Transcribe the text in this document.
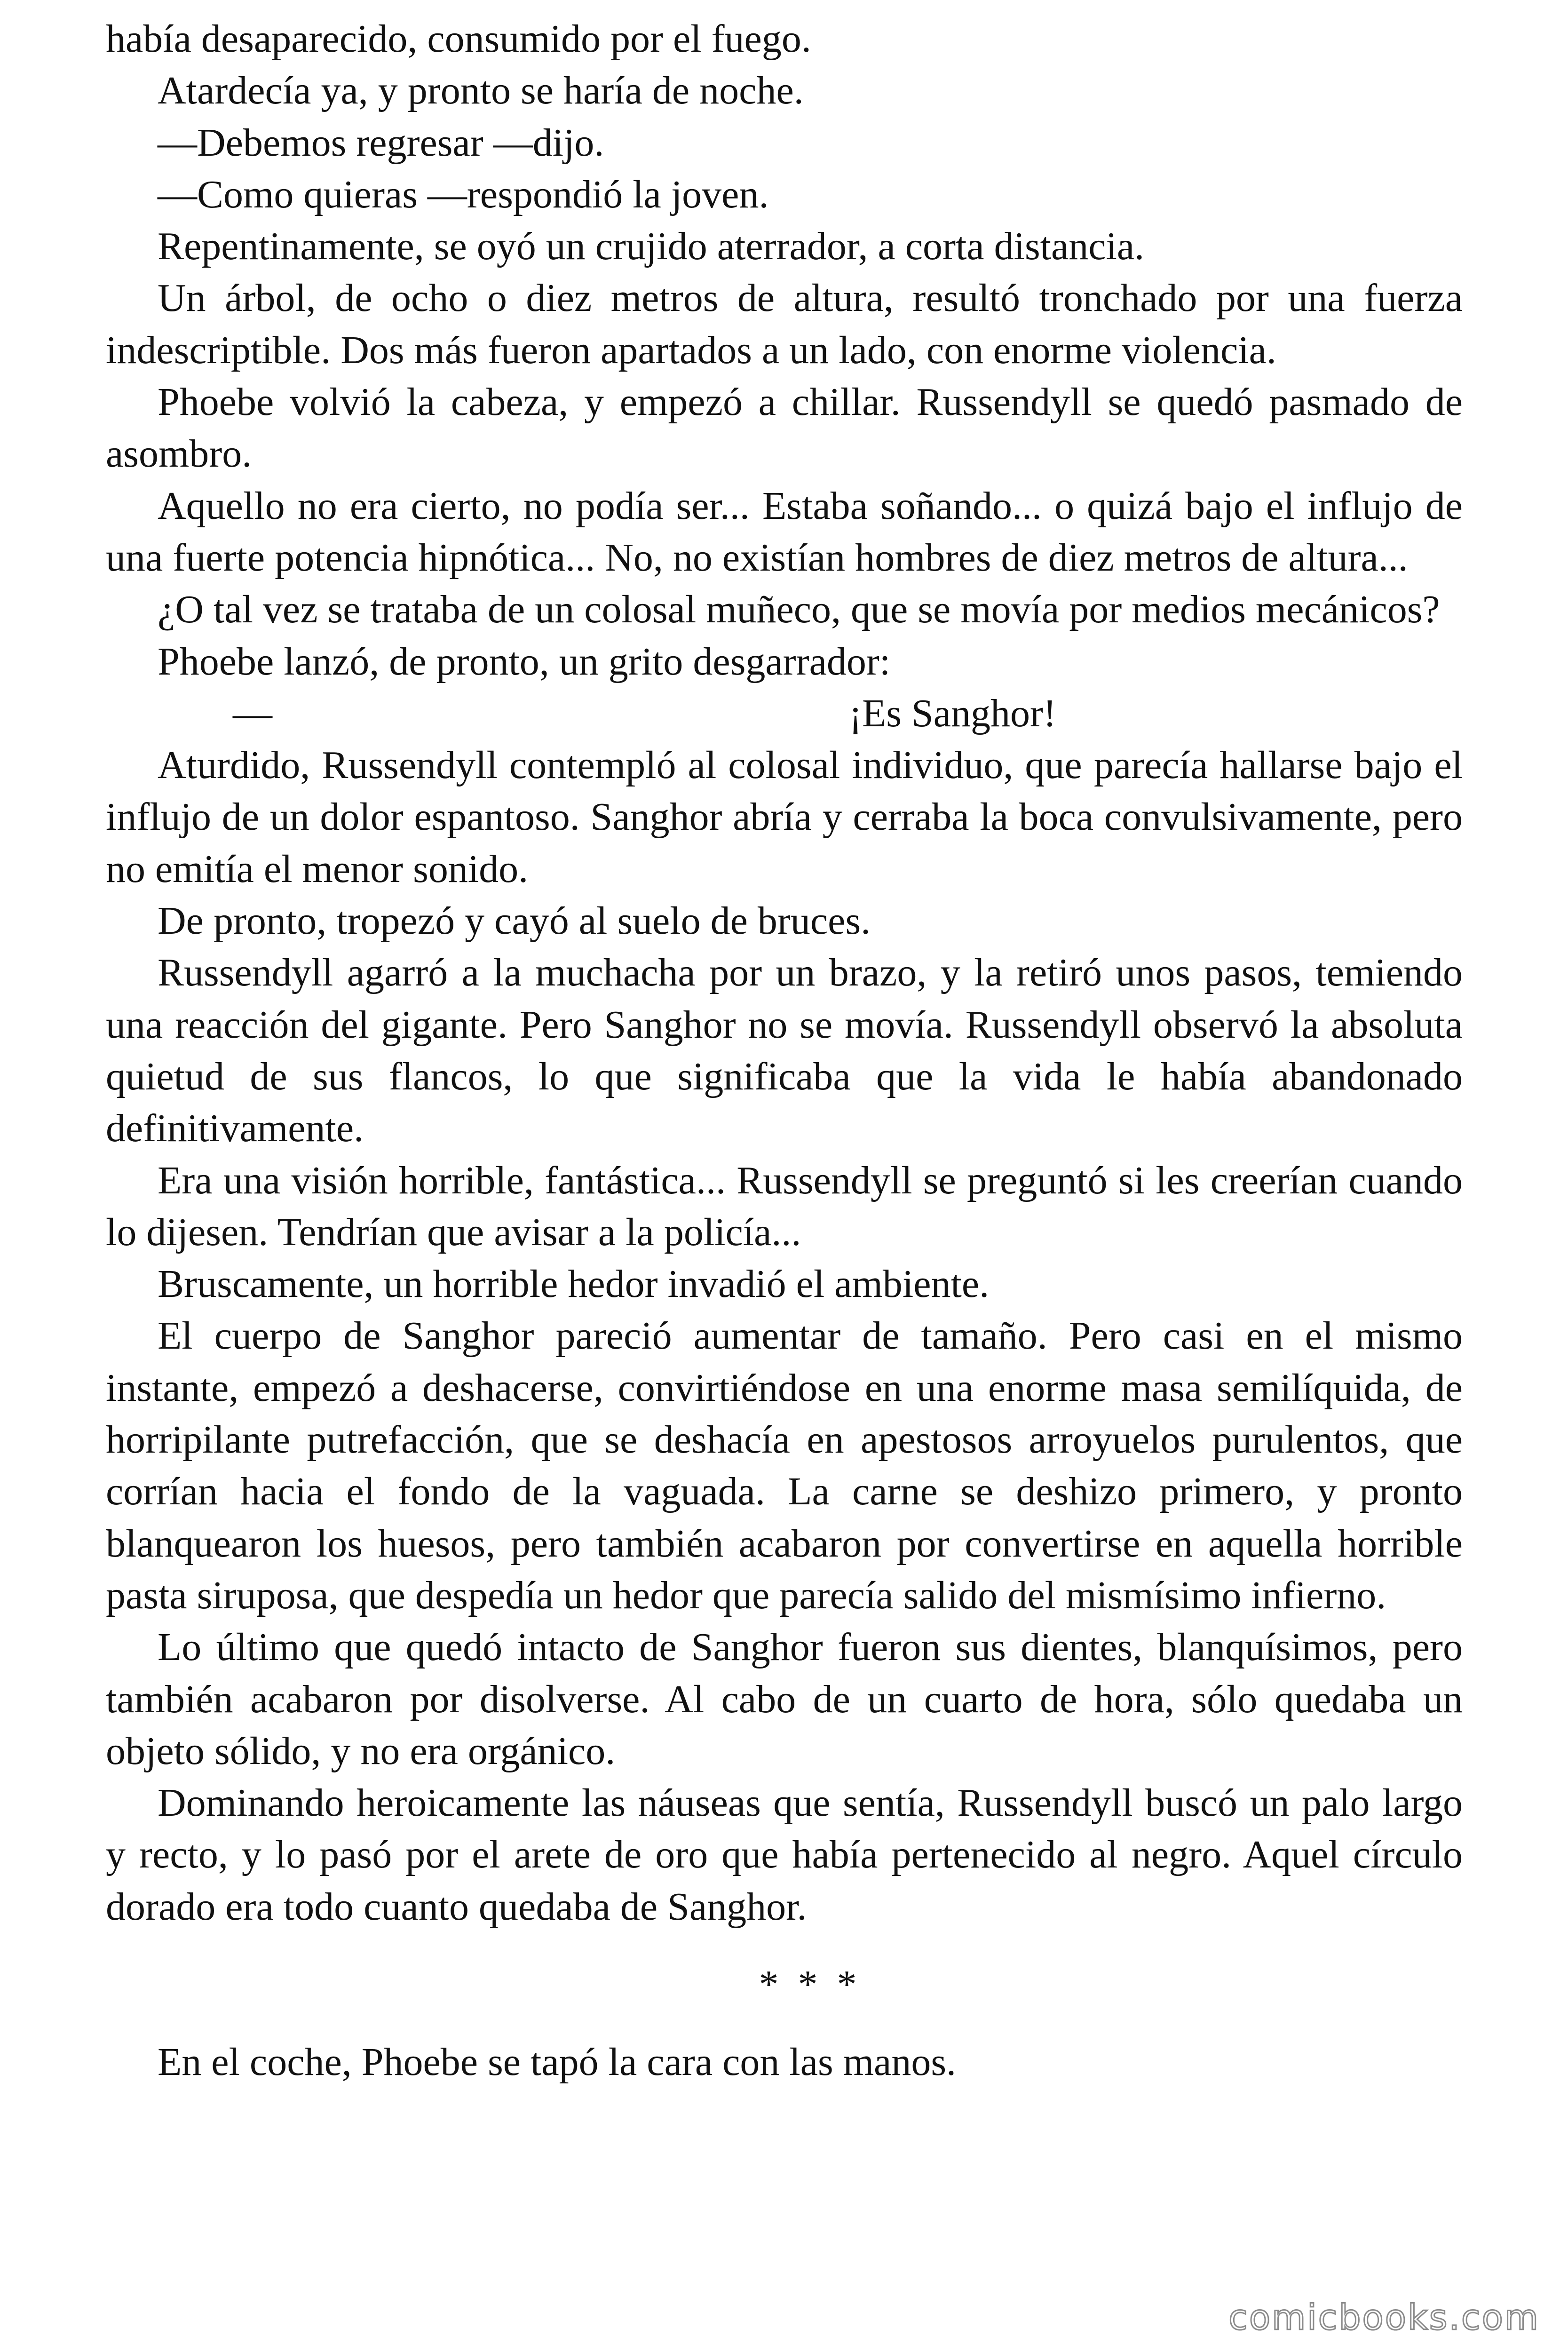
había desaparecido, consumido por el fuego.

Atardecía ya, y pronto se haría de noche.

—Debemos regresar —dijo.

—Como quieras —respondió la joven.

Repentinamente, se oyó un crujido aterrador, a corta distancia.

Un árbol, de ocho o diez metros de altura, resultó tronchado por una fuerza indescriptible. Dos más fueron apartados a un lado, con enorme violencia.

Phoebe volvió la cabeza, y empezó a chillar. Russendyll se quedó pasmado de asombro.

Aquello no era cierto, no podía ser... Estaba soñando... o quizá bajo el influjo de una fuerte potencia hipnótica... No, no existían hombres de diez metros de altura...

¿O tal vez se trataba de un colosal muñeco, que se movía por medios mecánicos?

Phoebe lanzó, de pronto, un grito desgarrador:

—	¡Es Sanghor!

Aturdido, Russendyll contempló al colosal individuo, que parecía hallarse bajo el influjo de un dolor espantoso. Sanghor abría y cerraba la boca convulsivamente, pero no emitía el menor sonido.

De pronto, tropezó y cayó al suelo de bruces.

Russendyll agarró a la muchacha por un brazo, y la retiró unos pasos, temiendo una reacción del gigante. Pero Sanghor no se movía. Russendyll observó la absoluta quietud de sus flancos, lo que significaba que la vida le había abandonado definitivamente.

Era una visión horrible, fantástica... Russendyll se preguntó si les creerían cuando lo dijesen. Tendrían que avisar a la policía...

Bruscamente, un horrible hedor invadió el ambiente.

El cuerpo de Sanghor pareció aumentar de tamaño. Pero casi en el mismo instante, empezó a deshacerse, convirtiéndose en una enorme masa semilíquida, de horripilante putrefacción, que se deshacía en apestosos arroyuelos purulentos, que corrían hacia el fondo de la vaguada. La carne se deshizo primero, y pronto blanquearon los huesos, pero también acabaron por convertirse en aquella horrible pasta siruposa, que despedía un hedor que parecía salido del mismísimo infierno.

Lo último que quedó intacto de Sanghor fueron sus dientes, blanquísimos, pero también acabaron por disolverse. Al cabo de un cuarto de hora, sólo quedaba un objeto sólido, y no era orgánico.

Dominando heroicamente las náuseas que sentía, Russendyll buscó un palo largo y recto, y lo pasó por el arete de oro que había pertenecido al negro. Aquel círculo dorado era todo cuanto quedaba de Sanghor.

* * *

En el coche, Phoebe se tapó la cara con las manos.

comicbooks.com
